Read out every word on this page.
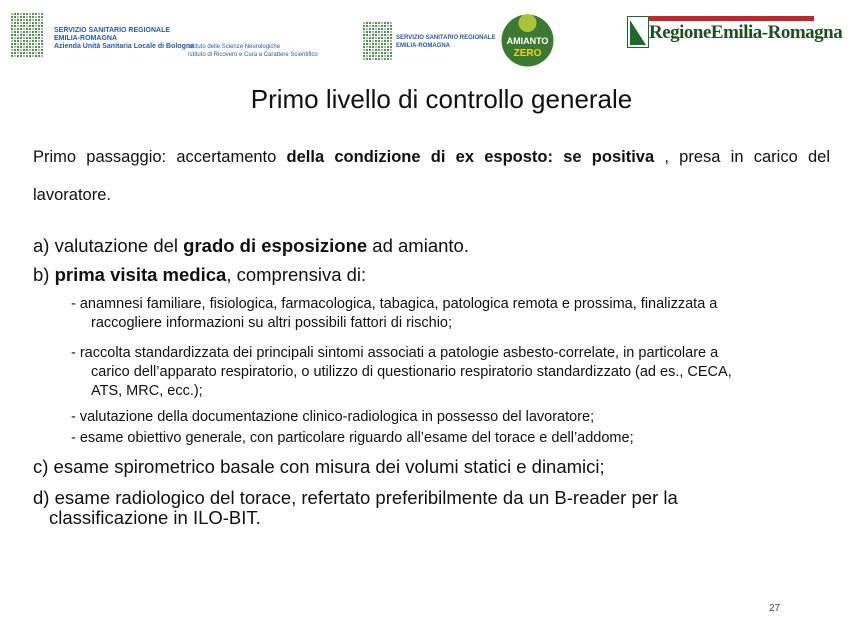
SERVIZIO SANITARIO REGIONALE
EMILIA-ROMAGNA
Azienda Unità Sanitaria Locale di Bologna
Istituto delle Scienze Neurologiche
Istituto di Ricovero e Cura a Carattere Scientifico
SERVIZIO SANITARIO REGIONALE
EMILIA-ROMAGNA	AMIANTO
ZERO
RegioneEmilia-Romagna
Primo livello di controllo generale

Primo passaggio: accertamento della condizione di ex esposto: se positiva , presa in carico del lavoratore.

a) valutazione del grado di esposizione ad amianto.

b) prima visita medica, comprensiva di:

- anamnesi familiare, fisiologica, farmacologica, tabagica, patologica remota e prossima, finalizzata a
raccogliere informazioni su altri possibili fattori di rischio;
- raccolta standardizzata dei principali sintomi associati a patologie asbesto-correlate, in particolare a
carico dell’apparato respiratorio, o utilizzo di questionario respiratorio standardizzato (ad es., CECA,
ATS, MRC, ecc.);
- valutazione della documentazione clinico-radiologica in possesso del lavoratore;
- esame obiettivo generale, con particolare riguardo all’esame del torace e dell’addome;

c) esame spirometrico basale con misura dei volumi statici e dinamici;

d) esame radiologico del torace, refertato preferibilmente da un B-reader per la
classificazione in ILO-BIT.
27
